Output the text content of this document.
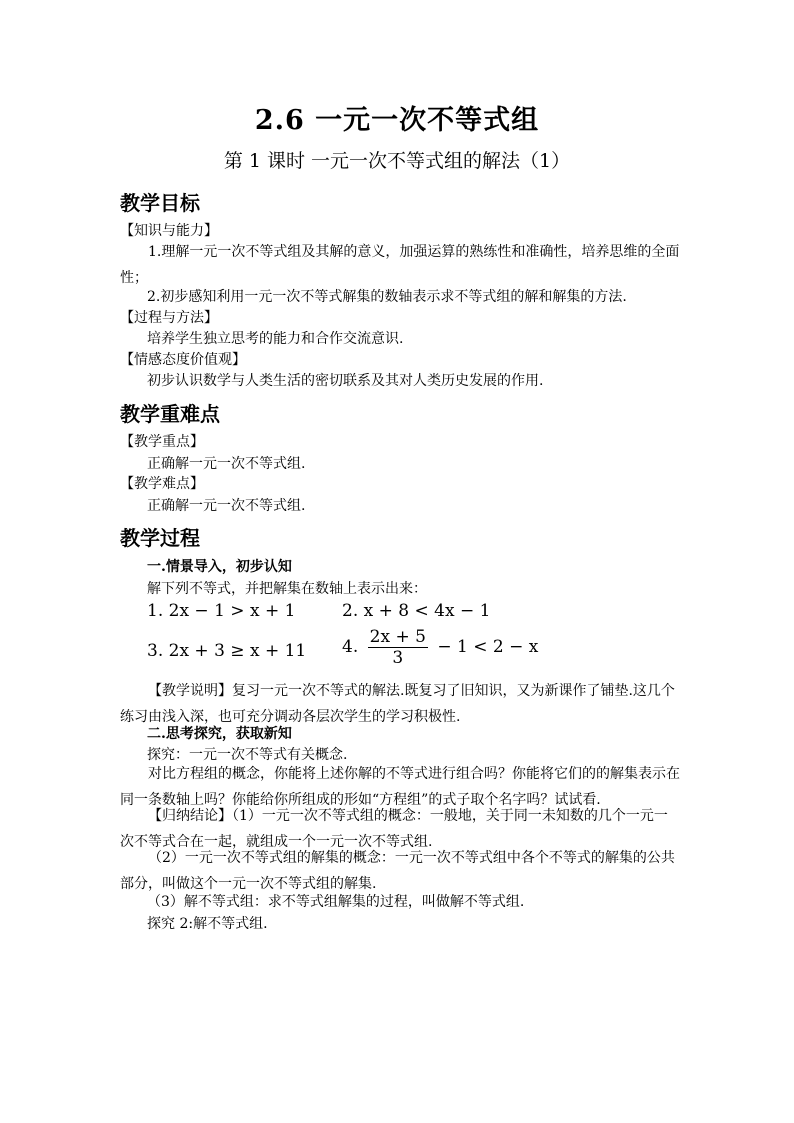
2.6 一元一次不等式组
第 1 课时 一元一次不等式组的解法（1）
教学目标
【知识与能力】
1.理解一元一次不等式组及其解的意义，加强运算的熟练性和准确性，培养思维的全面性；
2.初步感知利用一元一次不等式解集的数轴表示求不等式组的解和解集的方法.
【过程与方法】
培养学生独立思考的能力和合作交流意识.
【情感态度价值观】
初步认识数学与人类生活的密切联系及其对人类历史发展的作用.
教学重难点
【教学重点】
正确解一元一次不等式组.
【教学难点】
正确解一元一次不等式组.
教学过程
一.情景导入，初步认知
解下列不等式，并把解集在数轴上表示出来：
1. 2x − 1 > x + 1	2. x + 8 < 4x − 1
3. 2x + 3 ≥ x + 11 4. $\frac{2x + 5}{3} - 1 < 2 - x$
【教学说明】复习一元一次不等式的解法.既复习了旧知识，又为新课作了铺垫.这几个练习由浅入深，也可充分调动各层次学生的学习积极性.
二.思考探究，获取新知
探究：一元一次不等式有关概念.
对比方程组的概念，你能将上述你解的不等式进行组合吗？你能将它们的的解集表示在同一条数轴上吗？你能给你所组成的形如“方程组”的式子取个名字吗？试试看.
【归纳结论】（1）一元一次不等式组的概念：一般地，关于同一未知数的几个一元一次不等式合在一起，就组成一个一元一次不等式组.
（2）一元一次不等式组的解集的概念：一元一次不等式组中各个不等式的解集的公共部分，叫做这个一元一次不等式组的解集.
（3）解不等式组：求不等式组解集的过程，叫做解不等式组.
探究 2:解不等式组.
